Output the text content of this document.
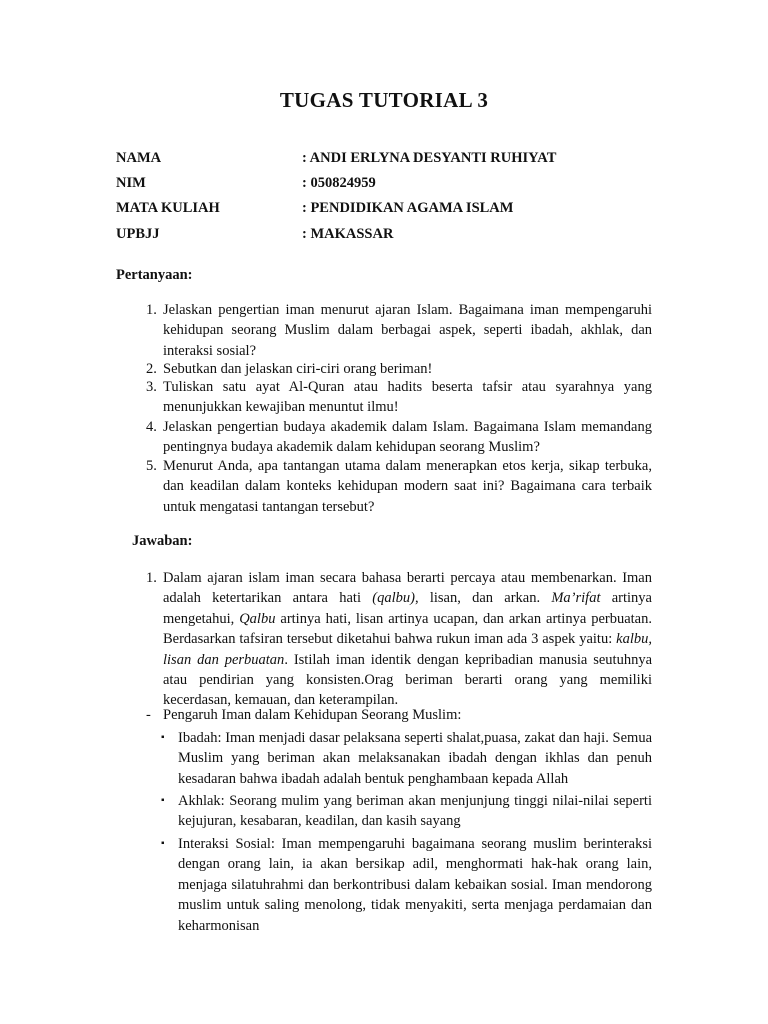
TUGAS TUTORIAL 3
NAMA	: ANDI ERLYNA DESYANTI RUHIYAT
NIM	: 050824959
MATA KULIAH	: PENDIDIKAN AGAMA ISLAM
UPBJJ	: MAKASSAR
Pertanyaan:
1. Jelaskan pengertian iman menurut ajaran Islam. Bagaimana iman mempengaruhi kehidupan seorang Muslim dalam berbagai aspek, seperti ibadah, akhlak, dan interaksi sosial?
2. Sebutkan dan jelaskan ciri-ciri orang beriman!
3. Tuliskan satu ayat Al-Quran atau hadits beserta tafsir atau syarahnya yang menunjukkan kewajiban menuntut ilmu!
4. Jelaskan pengertian budaya akademik dalam Islam. Bagaimana Islam memandang pentingnya budaya akademik dalam kehidupan seorang Muslim?
5. Menurut Anda, apa tantangan utama dalam menerapkan etos kerja, sikap terbuka, dan keadilan dalam konteks kehidupan modern saat ini? Bagaimana cara terbaik untuk mengatasi tantangan tersebut?
Jawaban:
1. Dalam ajaran islam iman secara bahasa berarti percaya atau membenarkan. Iman adalah ketertarikan antara hati (qalbu), lisan, dan arkan. Ma’rifat artinya mengetahui, Qalbu artinya hati, lisan artinya ucapan, dan arkan artinya perbuatan. Berdasarkan tafsiran tersebut diketahui bahwa rukun iman ada 3 aspek yaitu: kalbu, lisan dan perbuatan. Istilah iman identik dengan kepribadian manusia seutuhnya atau pendirian yang konsisten.Orag beriman berarti orang yang memiliki kecerdasan, kemauan, dan keterampilan.
- Pengaruh Iman dalam Kehidupan Seorang Muslim:
▪ Ibadah: Iman menjadi dasar pelaksana seperti shalat,puasa, zakat dan haji. Semua Muslim yang beriman akan melaksanakan ibadah dengan ikhlas dan penuh kesadaran bahwa ibadah adalah bentuk penghambaan kepada Allah
▪ Akhlak: Seorang mulim yang beriman akan menjunjung tinggi nilai-nilai seperti kejujuran, kesabaran, keadilan, dan kasih sayang
▪ Interaksi Sosial: Iman mempengaruhi bagaimana seorang muslim berinteraksi dengan orang lain, ia akan bersikap adil, menghormati hak-hak orang lain, menjaga silatuhrahmi dan berkontribusi dalam kebaikan sosial. Iman mendorong muslim untuk saling menolong, tidak menyakiti, serta menjaga perdamaian dan keharmonisan
